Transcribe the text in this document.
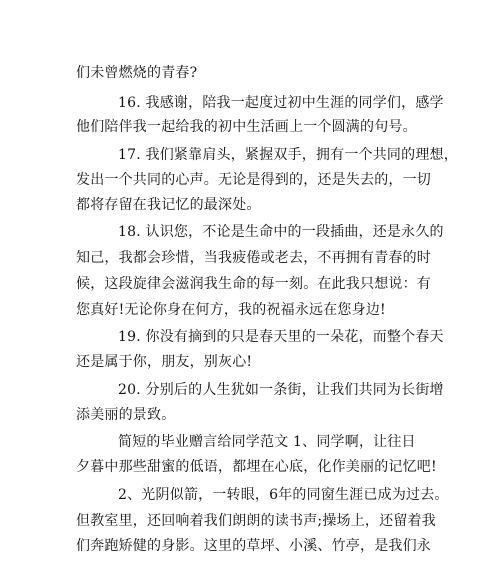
们未曾燃烧的青春?
16. 我感谢，陪我一起度过初中生涯的同学们，感学
他们陪伴我一起给我的初中生活画上一个圆满的句号。
17. 我们紧靠肩头，紧握双手，拥有一个共同的理想，
发出一个共同的心声。无论是得到的，还是失去的，一切
都将存留在我记忆的最深处。
18. 认识您，不论是生命中的一段插曲，还是永久的
知己，我都会珍惜，当我疲倦或老去，不再拥有青春的时
候，这段旋律会滋润我生命的每一刻。在此我只想说：有
您真好!无论你身在何方，我的祝福永远在您身边!
19. 你没有摘到的只是春天里的一朵花，而整个春天
还是属于你，朋友，别灰心!
20. 分别后的人生犹如一条街，让我们共同为长街增
添美丽的景致。
简短的毕业赠言给同学范文 1、同学啊，让往日
夕暮中那些甜蜜的低语，都埋在心底，化作美丽的记忆吧!
2、光阴似箭，一转眼，6年的同窗生涯已成为过去。
但教室里，还回响着我们朗朗的读书声;操场上，还留着我
们奔跑矫健的身影。这里的草坪、小溪、竹亭，是我们永
